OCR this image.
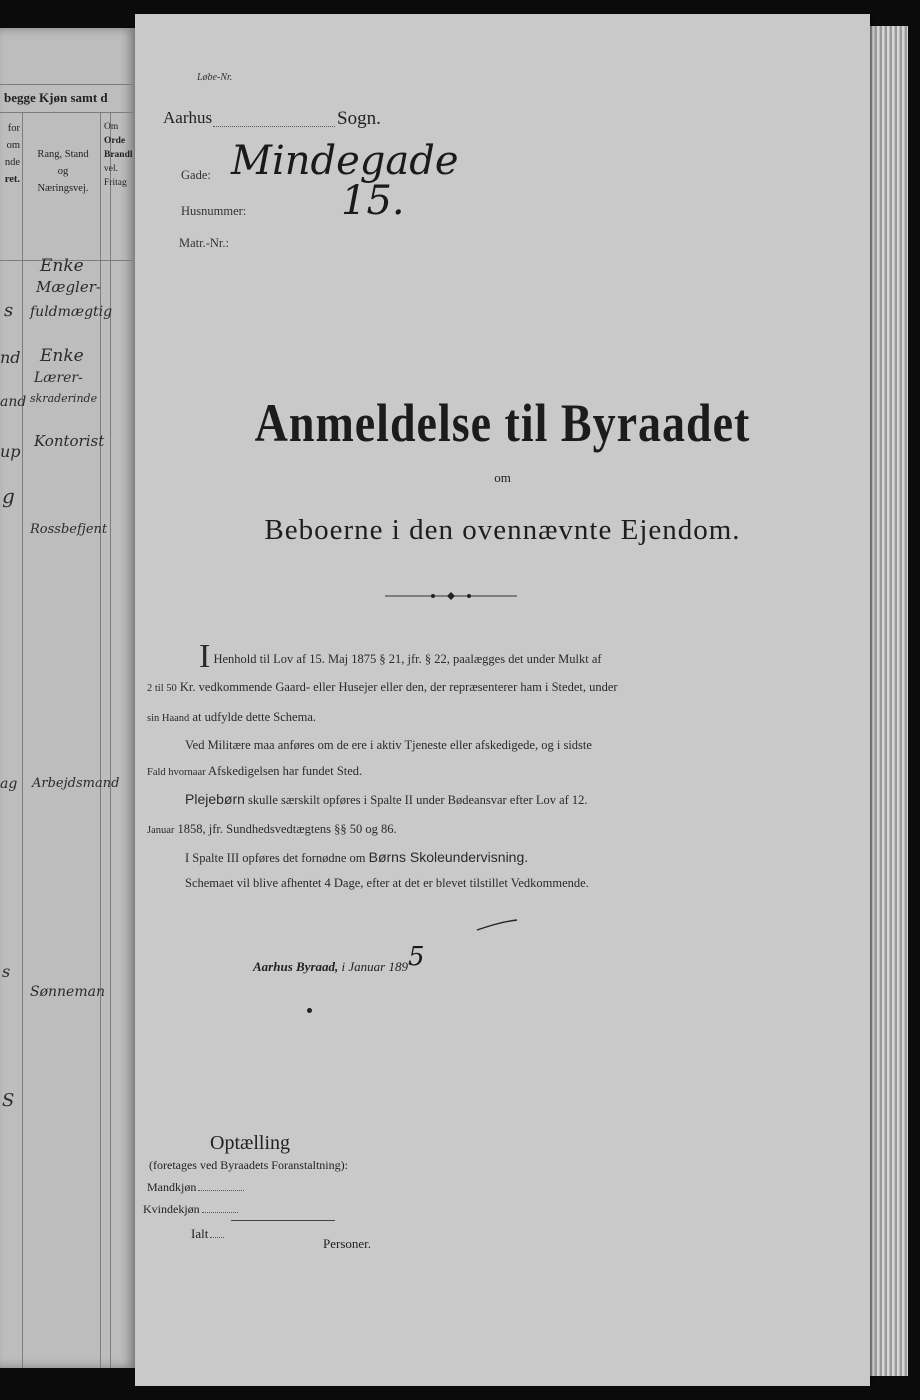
begge Kjøn samt d
for
om
nde
ret.
Rang, Stand
og
Næringsvej.
Om
Orde
Brandl
vel.
Fritag
Enke
Mægler-
fuldmægtig
Enke
Lærer-
skraderinde
Kontorist
Rossbefjent
Arbejdsmand
Sønneman
s
nd
and
up
g
ag
s
S
Løbe-Nr.
Aarhus	Sogn.
Gade: Mindegade
Husnummer: 15.
Matr.-Nr.:
Anmeldelse til Byraadet
om
Beboerne i den ovennævnte Ejendom.
I Henhold til Lov af 15. Maj 1875 § 21, jfr. § 22, paalægges det under Mulkt af
2 til 50 Kr. vedkommende Gaard- eller Husejer eller den, der repræsenterer ham i Stedet, under
sin Haand at udfylde dette Schema.
Ved Militære maa anføres om de ere i aktiv Tjeneste eller afskedigede, og i sidste
Fald hvornaar Afskedigelsen har fundet Sted.
Plejebørn skulle særskilt opføres i Spalte II under Bødeansvar efter Lov af 12.
Januar 1858, jfr. Sundhedsvedtægtens §§ 50 og 86.
I Spalte III opføres det fornødne om Børns Skoleundervisning.
Schemaet vil blive afhentet 4 Dage, efter at det er blevet tilstillet Vedkommende.
Aarhus Byraad, i Januar 1895
Optælling
(foretages ved Byraadets Foranstaltning):
Mandkjøn
Kvindekjøn
Ialt
Personer.
